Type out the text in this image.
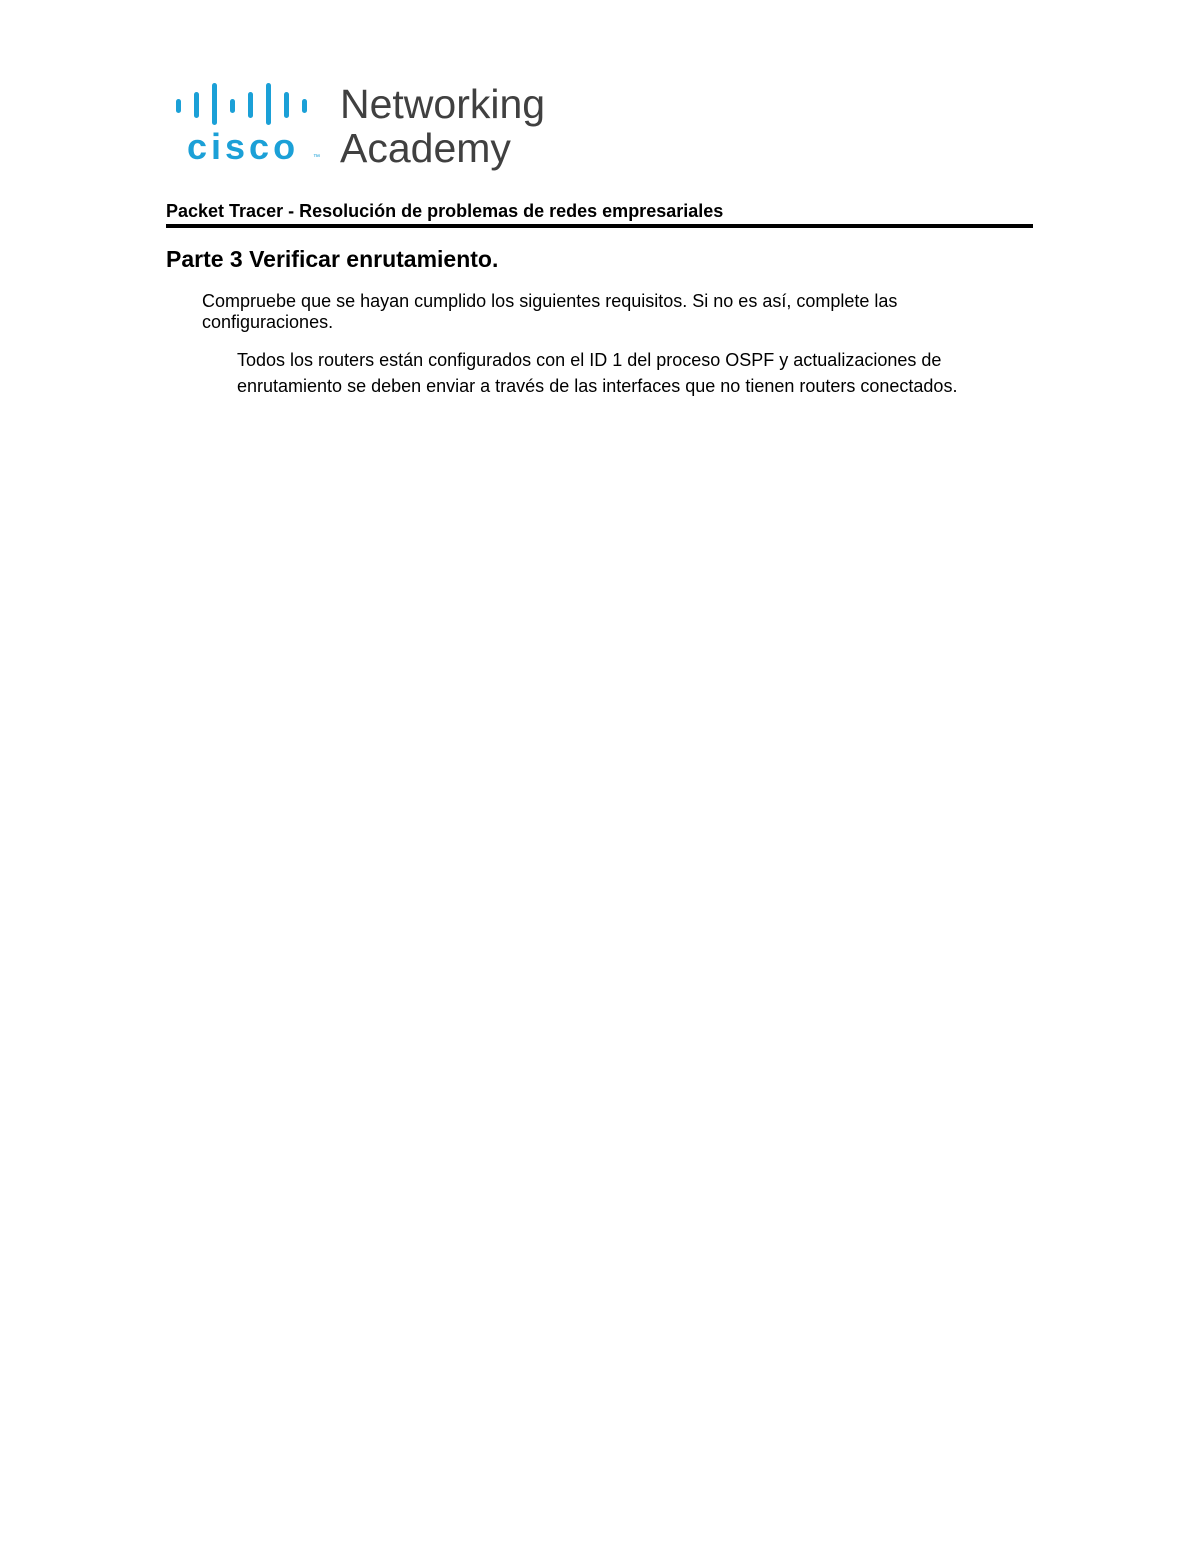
cisco ™
Networking
Academy
Packet Tracer - Resolución de problemas de redes empresariales
Parte 3 Verificar enrutamiento.
Compruebe que se hayan cumplido los siguientes requisitos. Si no es así, complete las configuraciones.
Todos los routers están configurados con el ID 1 del proceso OSPF y actualizaciones de enrutamiento se deben enviar a través de las interfaces que no tienen routers conectados.
